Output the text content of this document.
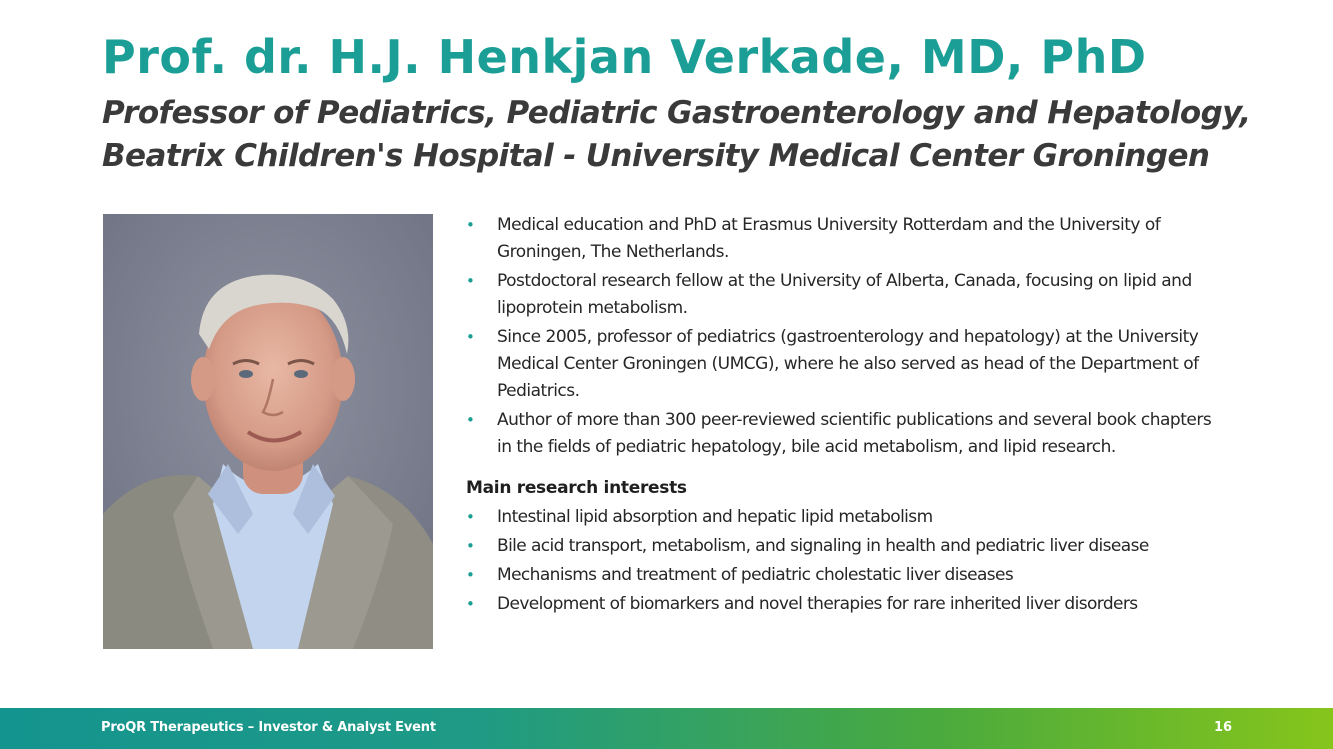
Prof. dr. H.J. Henkjan Verkade, MD, PhD
Professor of Pediatrics, Pediatric Gastroenterology and Hepatology,
Beatrix Children's Hospital - University Medical Center Groningen
• Medical education and PhD at Erasmus University Rotterdam and the University of Groningen, The Netherlands.
• Postdoctoral research fellow at the University of Alberta, Canada, focusing on lipid and lipoprotein metabolism.
• Since 2005, professor of pediatrics (gastroenterology and hepatology) at the University Medical Center Groningen (UMCG), where he also served as head of the Department of Pediatrics.
• Author of more than 300 peer-reviewed scientific publications and several book chapters in the fields of pediatric hepatology, bile acid metabolism, and lipid research.
Main research interests
• Intestinal lipid absorption and hepatic lipid metabolism
• Bile acid transport, metabolism, and signaling in health and pediatric liver disease
• Mechanisms and treatment of pediatric cholestatic liver diseases
• Development of biomarkers and novel therapies for rare inherited liver disorders
ProQR Therapeutics – Investor & Analyst Event	16
